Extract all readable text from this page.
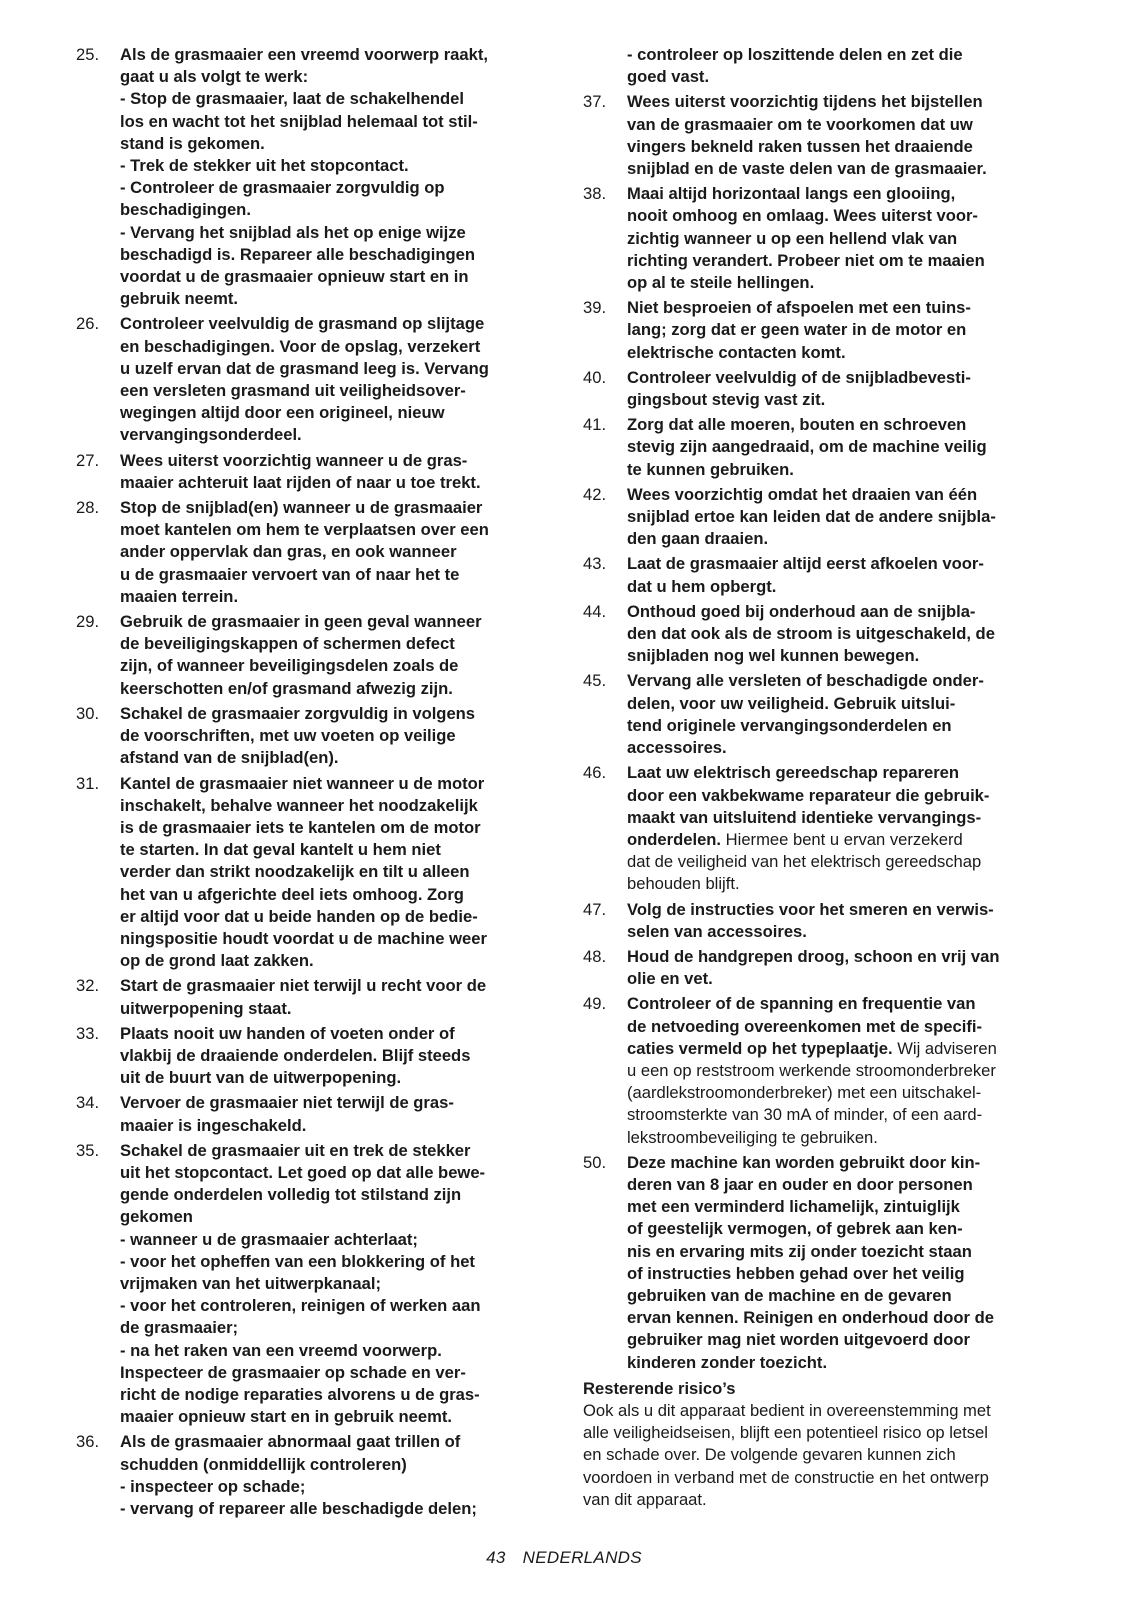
25.	Als de grasmaaier een vreemd voorwerp raakt,
gaat u als volgt te werk:
- Stop de grasmaaier, laat de schakelhendel
los en wacht tot het snijblad helemaal tot stil-
stand is gekomen.
- Trek de stekker uit het stopcontact.
- Controleer de grasmaaier zorgvuldig op
beschadigingen.
- Vervang het snijblad als het op enige wijze
beschadigd is. Repareer alle beschadigingen
voordat u de grasmaaier opnieuw start en in
gebruik neemt.
26.	Controleer veelvuldig de grasmand op slijtage
en beschadigingen. Voor de opslag, verzekert
u uzelf ervan dat de grasmand leeg is. Vervang
een versleten grasmand uit veiligheidsover-
wegingen altijd door een origineel, nieuw
vervangingsonderdeel.
27.	Wees uiterst voorzichtig wanneer u de gras-
maaier achteruit laat rijden of naar u toe trekt.
28.	Stop de snijblad(en) wanneer u de grasmaaier
moet kantelen om hem te verplaatsen over een
ander oppervlak dan gras, en ook wanneer
u de grasmaaier vervoert van of naar het te
maaien terrein.
29.	Gebruik de grasmaaier in geen geval wanneer
de beveiligingskappen of schermen defect
zijn, of wanneer beveiligingsdelen zoals de
keerschotten en/of grasmand afwezig zijn.
30.	Schakel de grasmaaier zorgvuldig in volgens
de voorschriften, met uw voeten op veilige
afstand van de snijblad(en).
31.	Kantel de grasmaaier niet wanneer u de motor
inschakelt, behalve wanneer het noodzakelijk
is de grasmaaier iets te kantelen om de motor
te starten. In dat geval kantelt u hem niet
verder dan strikt noodzakelijk en tilt u alleen
het van u afgerichte deel iets omhoog. Zorg
er altijd voor dat u beide handen op de bedie-
ningspositie houdt voordat u de machine weer
op de grond laat zakken.
32.	Start de grasmaaier niet terwijl u recht voor de
uitwerpopening staat.
33.	Plaats nooit uw handen of voeten onder of
vlakbij de draaiende onderdelen. Blijf steeds
uit de buurt van de uitwerpopening.
34.	Vervoer de grasmaaier niet terwijl de gras-
maaier is ingeschakeld.
35.	Schakel de grasmaaier uit en trek de stekker
uit het stopcontact. Let goed op dat alle bewe-
gende onderdelen volledig tot stilstand zijn
gekomen
- wanneer u de grasmaaier achterlaat;
- voor het opheffen van een blokkering of het
vrijmaken van het uitwerpkanaal;
- voor het controleren, reinigen of werken aan
de grasmaaier;
- na het raken van een vreemd voorwerp.
Inspecteer de grasmaaier op schade en ver-
richt de nodige reparaties alvorens u de gras-
maaier opnieuw start en in gebruik neemt.
36.	Als de grasmaaier abnormaal gaat trillen of
schudden (onmiddellijk controleren)
- inspecteer op schade;
- vervang of repareer alle beschadigde delen;
- controleer op loszittende delen en zet die
goed vast.
37.	Wees uiterst voorzichtig tijdens het bijstellen
van de grasmaaier om te voorkomen dat uw
vingers bekneld raken tussen het draaiende
snijblad en de vaste delen van de grasmaaier.
38.	Maai altijd horizontaal langs een glooiing,
nooit omhoog en omlaag. Wees uiterst voor-
zichtig wanneer u op een hellend vlak van
richting verandert. Probeer niet om te maaien
op al te steile hellingen.
39.	Niet besproeien of afspoelen met een tuins-
lang; zorg dat er geen water in de motor en
elektrische contacten komt.
40.	Controleer veelvuldig of de snijbladbevesti-
gingsbout stevig vast zit.
41.	Zorg dat alle moeren, bouten en schroeven
stevig zijn aangedraaid, om de machine veilig
te kunnen gebruiken.
42.	Wees voorzichtig omdat het draaien van één
snijblad ertoe kan leiden dat de andere snijbla-
den gaan draaien.
43.	Laat de grasmaaier altijd eerst afkoelen voor-
dat u hem opbergt.
44.	Onthoud goed bij onderhoud aan de snijbla-
den dat ook als de stroom is uitgeschakeld, de
snijbladen nog wel kunnen bewegen.
45.	Vervang alle versleten of beschadigde onder-
delen, voor uw veiligheid. Gebruik uitslui-
tend originele vervangingsonderdelen en
accessoires.
46.	Laat uw elektrisch gereedschap repareren
door een vakbekwame reparateur die gebruik-
maakt van uitsluitend identieke vervangings-
onderdelen. Hiermee bent u ervan verzekerd
dat de veiligheid van het elektrisch gereedschap
behouden blijft.
47.	Volg de instructies voor het smeren en verwis-
selen van accessoires.
48.	Houd de handgrepen droog, schoon en vrij van
olie en vet.
49.	Controleer of de spanning en frequentie van
de netvoeding overeenkomen met de specifi-
caties vermeld op het typeplaatje. Wij adviseren
u een op reststroom werkende stroomonderbreker
(aardlekstroomonderbreker) met een uitschakel-
stroomsterkte van 30 mA of minder, of een aard-
lekstroombeveiliging te gebruiken.
50.	Deze machine kan worden gebruikt door kin-
deren van 8 jaar en ouder en door personen
met een verminderd lichamelijk, zintuiglijk
of geestelijk vermogen, of gebrek aan ken-
nis en ervaring mits zij onder toezicht staan
of instructies hebben gehad over het veilig
gebruiken van de machine en de gevaren
ervan kennen. Reinigen en onderhoud door de
gebruiker mag niet worden uitgevoerd door
kinderen zonder toezicht.
Resterende risico’s
Ook als u dit apparaat bedient in overeenstemming met
alle veiligheidseisen, blijft een potentieel risico op letsel
en schade over. De volgende gevaren kunnen zich
voordoen in verband met de constructie en het ontwerp
van dit apparaat.
43 NEDERLANDS
